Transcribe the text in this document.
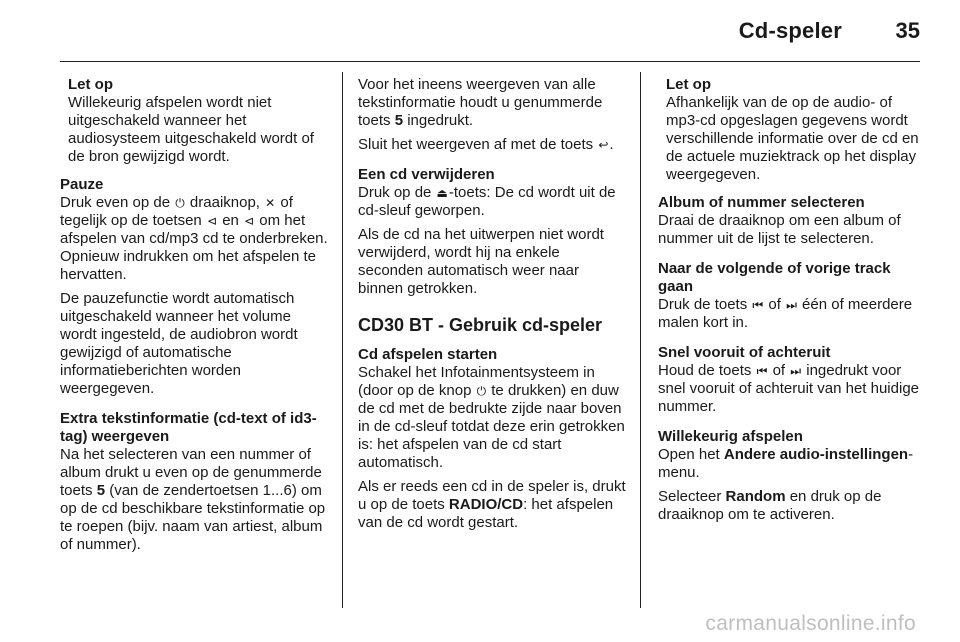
Cd-speler 35
Let op
Willekeurig afspelen wordt niet uitgeschakeld wanneer het audiosysteem uitgeschakeld wordt of de bron gewijzigd wordt.
Pauze

Druk even op de ⏻ draaiknop, ✕ of tegelijk op de toetsen ⊲ en ⊲ om het afspelen van cd/mp3 cd te onderbreken. Opnieuw indrukken om het afspelen te hervatten.

De pauzefunctie wordt automatisch uitgeschakeld wanneer het volume wordt ingesteld, de audiobron wordt gewijzigd of automatische informatieberichten worden weergegeven.

Extra tekstinformatie (cd-text of id3-tag) weergeven

Na het selecteren van een nummer of album drukt u even op de genummerde toets 5 (van de zendertoetsen 1...6) om op de cd beschikbare tekstinformatie op te roepen (bijv. naam van artiest, album of nummer).

Voor het ineens weergeven van alle tekstinformatie houdt u genummerde toets 5 ingedrukt.

Sluit het weergeven af met de toets ↩.

Een cd verwijderen

Druk op de ⏏-toets: De cd wordt uit de cd-sleuf geworpen.

Als de cd na het uitwerpen niet wordt verwijderd, wordt hij na enkele seconden automatisch weer naar binnen getrokken.

CD30 BT - Gebruik cd-speler
Cd afspelen starten

Schakel het Infotainmentsysteem in (door op de knop ⏻ te drukken) en duw de cd met de bedrukte zijde naar boven in de cd-sleuf totdat deze erin getrokken is: het afspelen van de cd start automatisch.

Als er reeds een cd in de speler is, drukt u op de toets RADIO/CD: het afspelen van de cd wordt gestart.

Let op
Afhankelijk van de op de audio- of mp3-cd opgeslagen gegevens wordt verschillende informatie over de cd en de actuele muziektrack op het display weergegeven.
Album of nummer selecteren

Draai de draaiknop om een album of nummer uit de lijst te selecteren.

Naar de volgende of vorige track gaan

Druk de toets ⏮ of ⏭ één of meerdere malen kort in.

Snel vooruit of achteruit

Houd de toets ⏮ of ⏭ ingedrukt voor snel vooruit of achteruit van het huidige nummer.

Willekeurig afspelen

Open het Andere audio-instellingen-menu.

Selecteer Random en druk op de draaiknop om te activeren.

carmanualsonline.info
